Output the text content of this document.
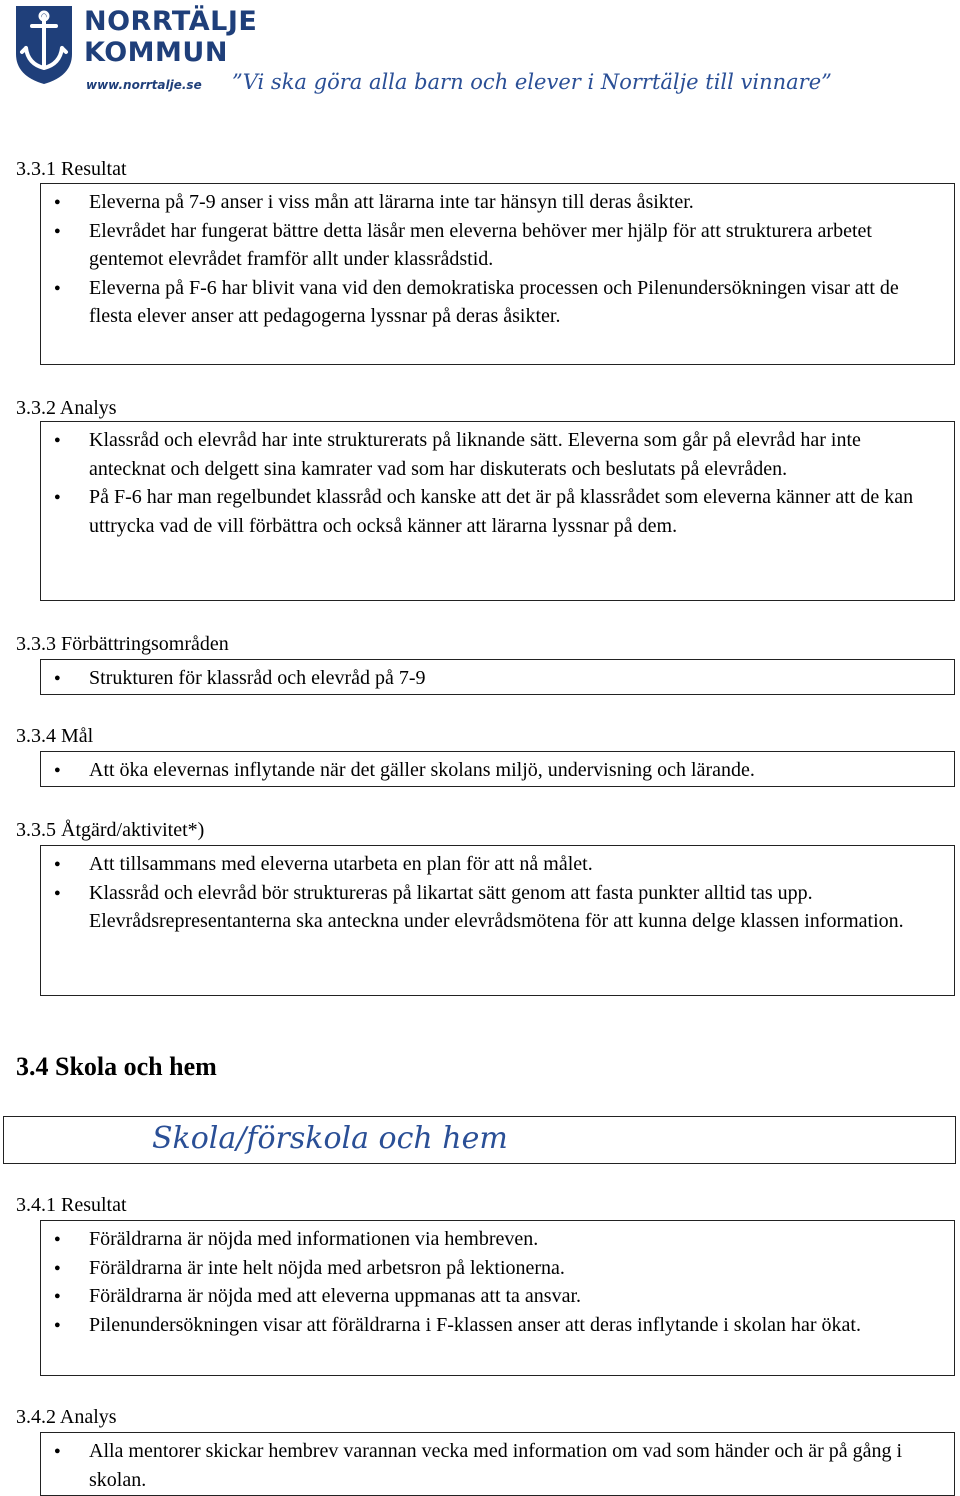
NORRTÄLJE
KOMMUN
www.norrtalje.se ”Vi ska göra alla barn och elever i Norrtälje till vinnare”
3.3.1 Resultat
● Eleverna på 7-9 anser i viss mån att lärarna inte tar hänsyn till deras åsikter.
● Elevrådet har fungerat bättre detta läsår men eleverna behöver mer hjälp för att strukturera arbetet gentemot elevrådet framför allt under klassrådstid.
● Eleverna på F-6 har blivit vana vid den demokratiska processen och Pilenundersökningen visar att de flesta elever anser att pedagogerna lyssnar på deras åsikter.
3.3.2 Analys
● Klassråd och elevråd har inte strukturerats på liknande sätt. Eleverna som går på elevråd har inte antecknat och delgett sina kamrater vad som har diskuterats och beslutats på elevråden.
● På F-6 har man regelbundet klassråd och kanske att det är på klassrådet som eleverna känner att de kan uttrycka vad de vill förbättra och också känner att lärarna lyssnar på dem.
3.3.3 Förbättringsområden
● Strukturen för klassråd och elevråd på 7-9
3.3.4 Mål
● Att öka elevernas inflytande när det gäller skolans miljö, undervisning och lärande.
3.3.5 Åtgärd/aktivitet*)
● Att tillsammans med eleverna utarbeta en plan för att nå målet.
● Klassråd och elevråd bör struktureras på likartat sätt genom att fasta punkter alltid tas upp. Elevrådsrepresentanterna ska anteckna under elevrådsmötena för att kunna delge klassen information.
3.4 Skola och hem
Skola/förskola och hem
3.4.1 Resultat
● Föräldrarna är nöjda med informationen via hembreven.
● Föräldrarna är inte helt nöjda med arbetsron på lektionerna.
● Föräldrarna är nöjda med att eleverna uppmanas att ta ansvar.
● Pilenundersökningen visar att föräldrarna i F-klassen anser att deras inflytande i skolan har ökat.
3.4.2 Analys
● Alla mentorer skickar hembrev varannan vecka med information om vad som händer och är på gång i skolan.
